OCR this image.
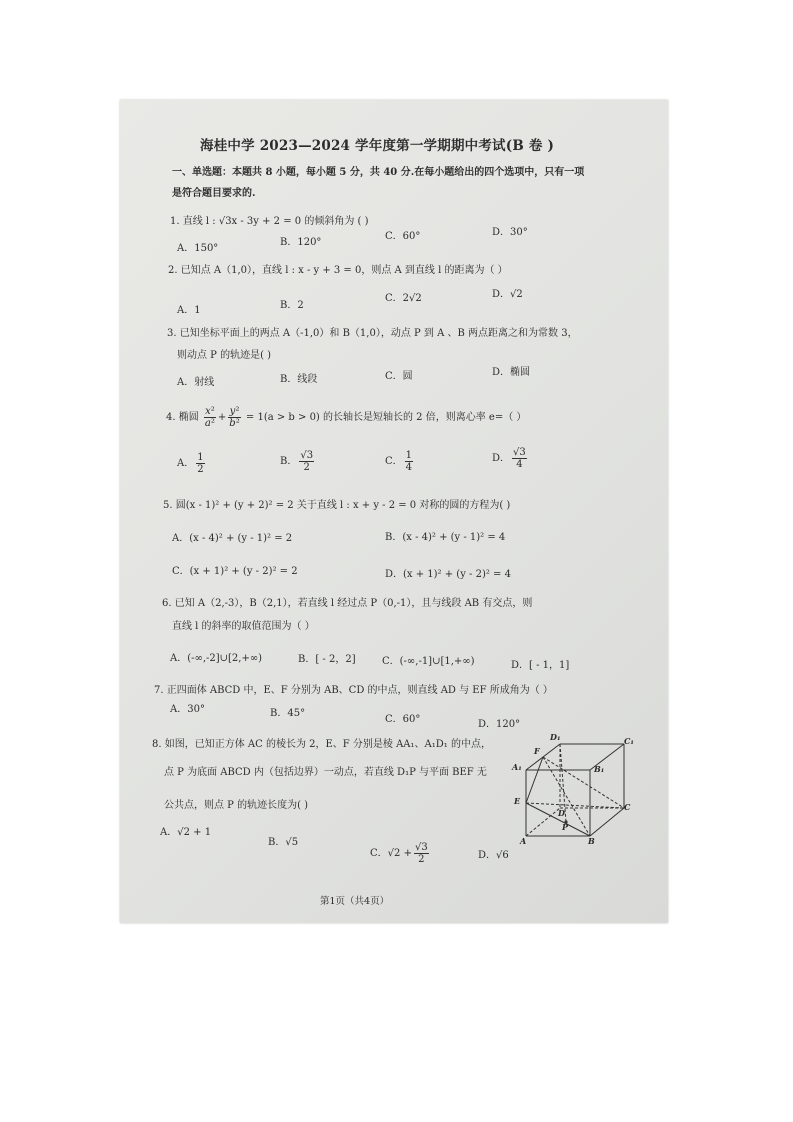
海桂中学 2023—2024 学年度第一学期期中考试(B 卷 )
一、单选题：本题共 8 小题，每小题 5 分，共 40 分.在每小题给出的四个选项中，只有一项
是符合题目要求的.
1. 直线 l : √3x - 3y + 2 = 0 的倾斜角为 ( )
A．150°
B．120°
C．60°	D．30°
2. 已知点 A（1,0），直线 l : x - y + 3 = 0，则点 A 到直线 l 的距离为（ ）
A．1	B．2
C．2√2	D．√2
3. 已知坐标平面上的两点 A（-1,0）和 B（1,0），动点 P 到 A 、B 两点距离之和为常数 3，
则动点 P 的轨迹是( )
A．射线	B．线段	C．圆	D．椭圆
4. 椭圆 $\frac{\text{x²}}{\text{a²}} + \frac{\text{y²}}{\text{b²}} = 1(a > b > 0)$ 的长轴长是短轴长的 2 倍，则离心率 e=（ ）
A． $\frac{1}{2}$	B． $\frac{√3}{2}$	C． $\frac{1}{4}$	D． $\frac{√3}{4}$
5. 圆(x - 1)² + (y + 2)² = 2 关于直线 l : x + y - 2 = 0 对称的圆的方程为( )
A．(x - 4)² + (y - 1)² = 2	B．(x - 4)² + (y - 1)² = 4
C．(x + 1)² + (y - 2)² = 2	D．(x + 1)² + (y - 2)² = 4
6. 已知 A（2,-3），B（2,1），若直线 l 经过点 P（0,-1），且与线段 AB 有交点，则
直线 l 的斜率的取值范围为（ ）
A．(-∞,-2]∪[2,+∞)	B．[ - 2，2]	C．(-∞,-1]∪[1,+∞)	D．[ - 1，1]
7. 正四面体 ABCD 中，E、F 分别为 AB、CD 的中点，则直线 AD 与 EF 所成角为（ ）
A．30°	B．45°
C．60°	D．120°
8. 如图，已知正方体 AC 的棱长为 2，E、F 分别是棱 AA₁、A₁D₁ 的中点，
点 P 为底面 ABCD 内（包括边界）一动点，若直线 D₁P 与平面 BEF 无
公共点，则点 P 的轨迹长度为( )
A．√2 + 1
B．√5
C．$√2 + \frac{√3}{2}$	D．√6
A₁
F
D₁	C₁
B₁
E
D
C
P
A	B
第1页（共4页）
